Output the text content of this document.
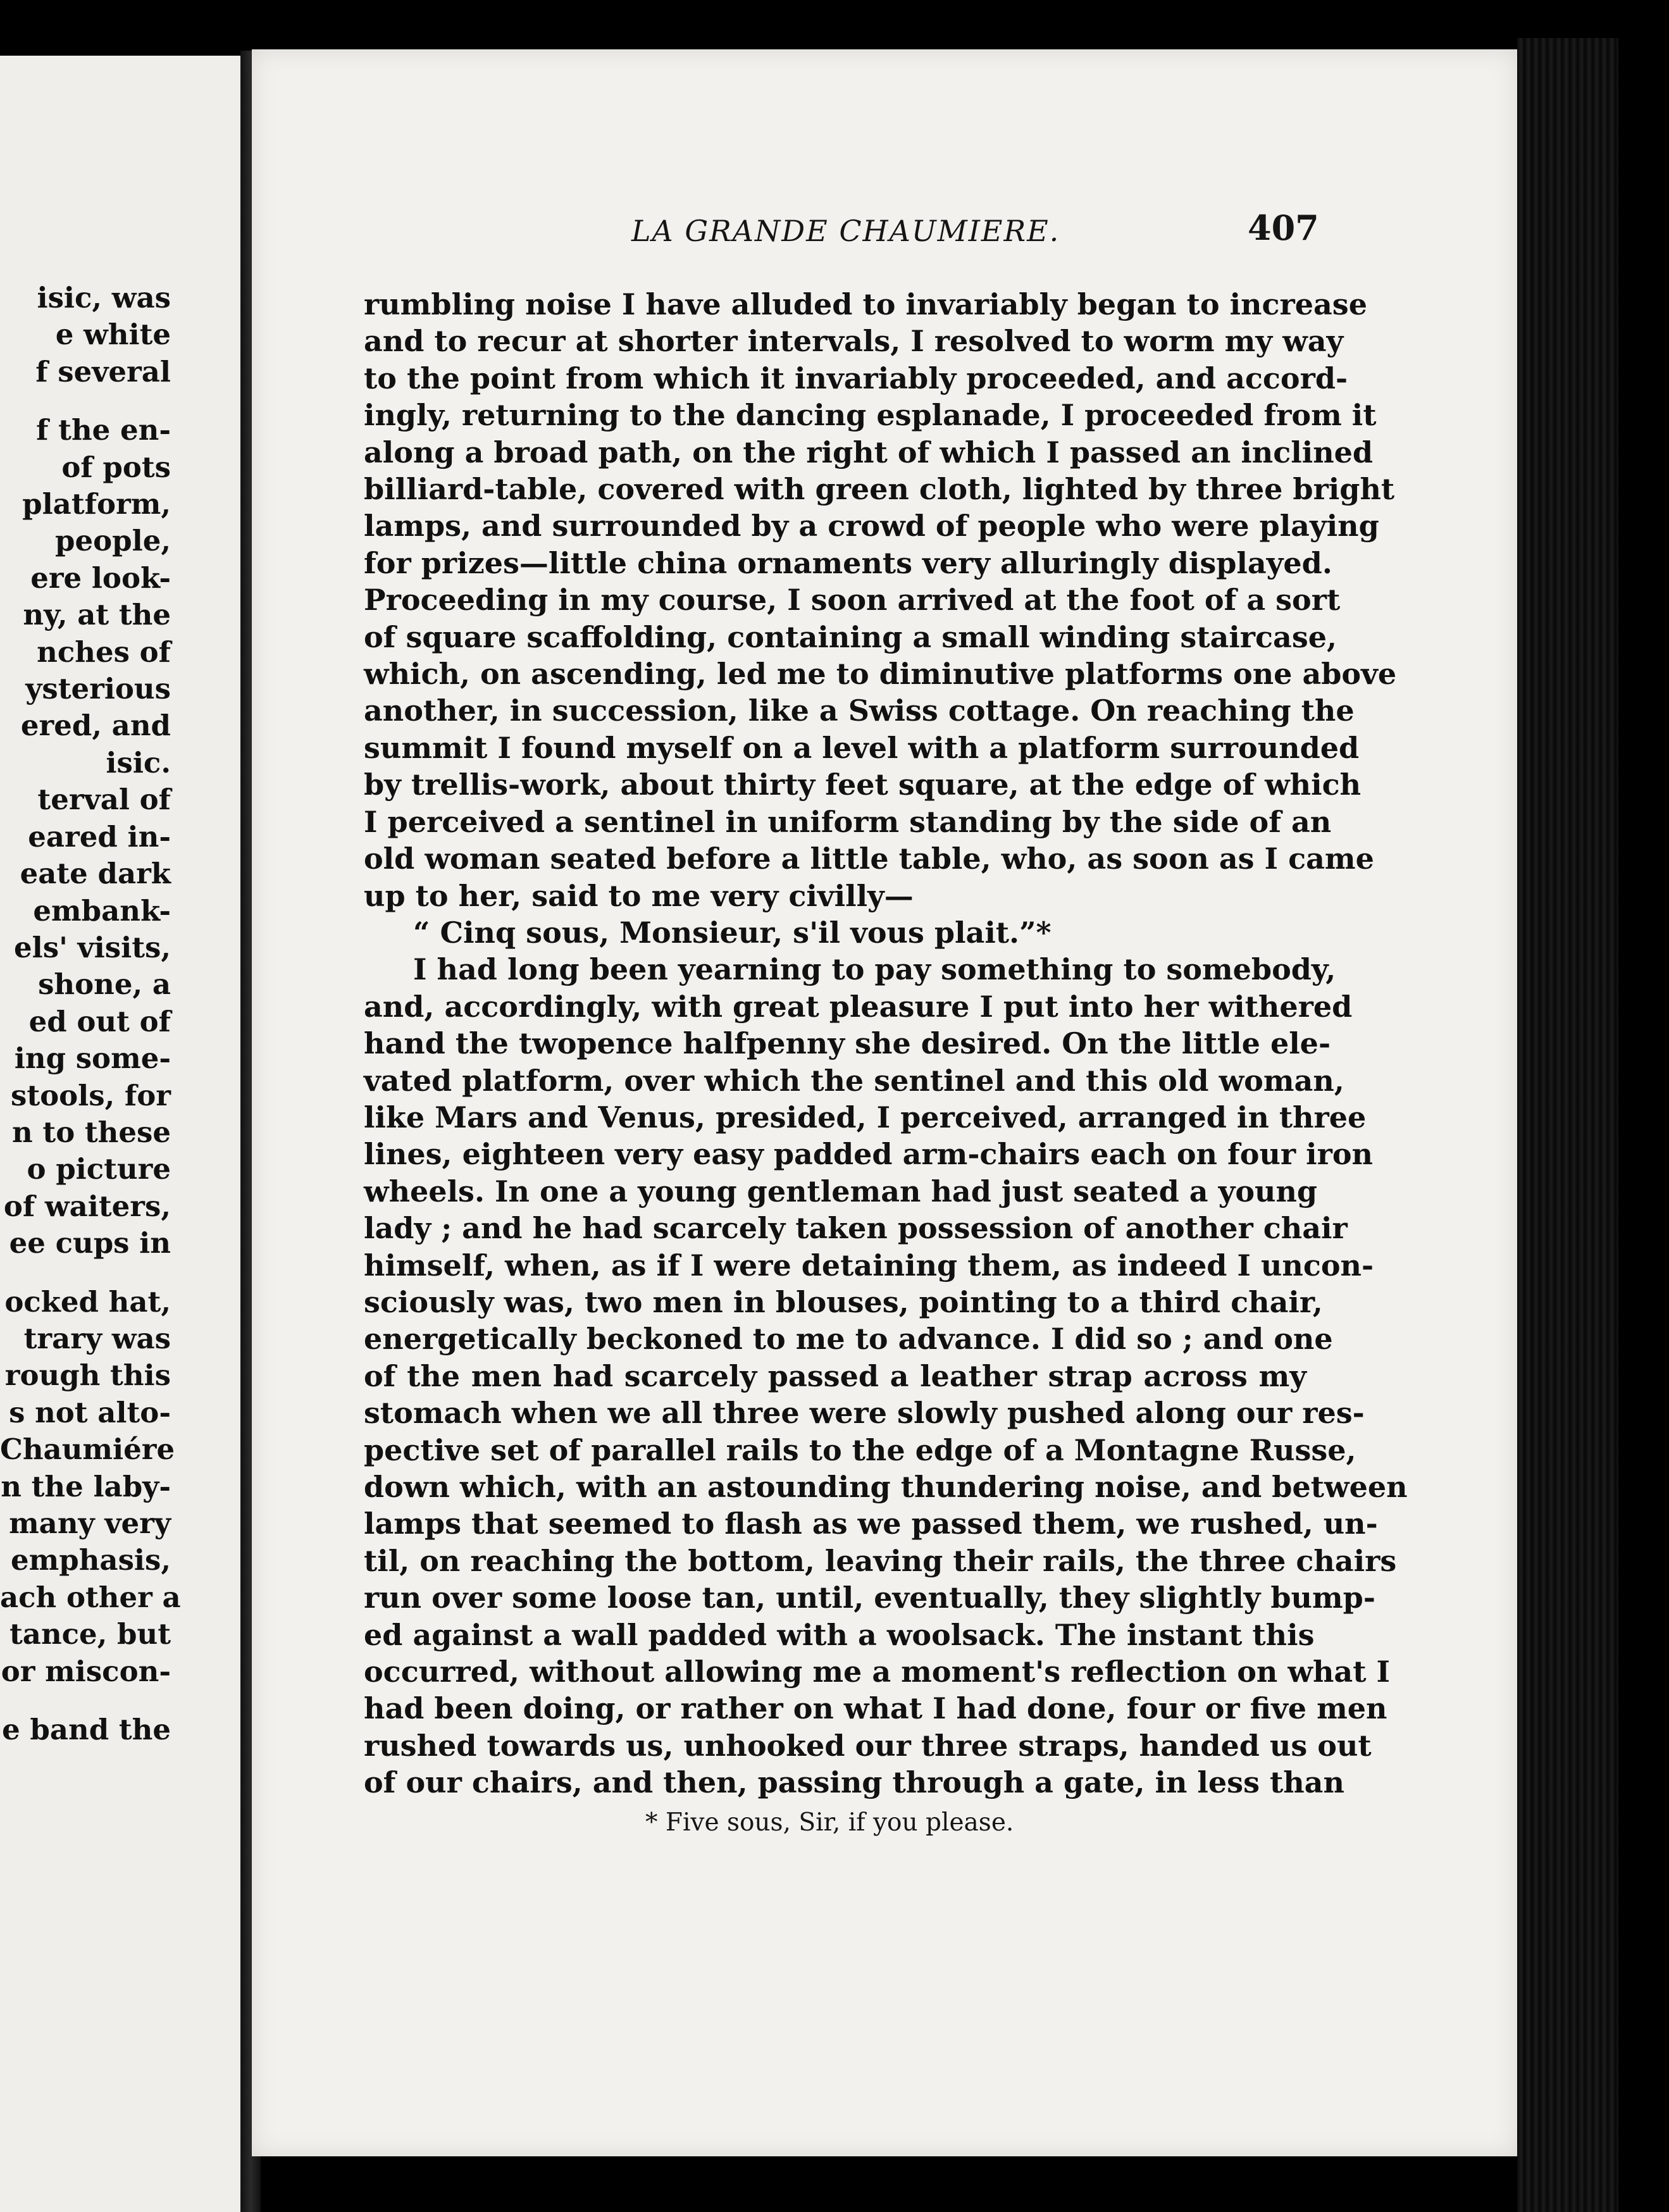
isic, was
e white
f several
f the en-
of pots
platform,
people,
ere look-
ny, at the
nches of
ysterious
ered, and
isic.
terval of
eared in-
eate dark
embank-
els' visits,
shone, a
ed out of
ing some-
stools, for
n to these
o picture
of waiters,
ee cups in
ocked hat,
trary was
rough this
s not alto-
Chaumiére
n the laby-
many very
emphasis,
ach other a
tance, but
or miscon-
e band the
LA GRANDE CHAUMIERE.	407
rumbling noise I have alluded to invariably began to increase
and to recur at shorter intervals, I resolved to worm my way
to the point from which it invariably proceeded, and accord-
ingly, returning to the dancing esplanade, I proceeded from it
along a broad path, on the right of which I passed an inclined
billiard-table, covered with green cloth, lighted by three bright
lamps, and surrounded by a crowd of people who were playing
for prizes—little china ornaments very alluringly displayed.
Proceeding in my course, I soon arrived at the foot of a sort
of square scaffolding, containing a small winding staircase,
which, on ascending, led me to diminutive platforms one above
another, in succession, like a Swiss cottage. On reaching the
summit I found myself on a level with a platform surrounded
by trellis-work, about thirty feet square, at the edge of which
I perceived a sentinel in uniform standing by the side of an
old woman seated before a little table, who, as soon as I came
up to her, said to me very civilly—
“ Cinq sous, Monsieur, s'il vous plait.”*
I had long been yearning to pay something to somebody,
and, accordingly, with great pleasure I put into her withered
hand the twopence halfpenny she desired. On the little ele-
vated platform, over which the sentinel and this old woman,
like Mars and Venus, presided, I perceived, arranged in three
lines, eighteen very easy padded arm-chairs each on four iron
wheels. In one a young gentleman had just seated a young
lady ; and he had scarcely taken possession of another chair
himself, when, as if I were detaining them, as indeed I uncon-
sciously was, two men in blouses, pointing to a third chair,
energetically beckoned to me to advance. I did so ; and one
of the men had scarcely passed a leather strap across my
stomach when we all three were slowly pushed along our res-
pective set of parallel rails to the edge of a Montagne Russe,
down which, with an astounding thundering noise, and between
lamps that seemed to flash as we passed them, we rushed, un-
til, on reaching the bottom, leaving their rails, the three chairs
run over some loose tan, until, eventually, they slightly bump-
ed against a wall padded with a woolsack. The instant this
occurred, without allowing me a moment's reflection on what I
had been doing, or rather on what I had done, four or five men
rushed towards us, unhooked our three straps, handed us out
of our chairs, and then, passing through a gate, in less than
* Five sous, Sir, if you please.
